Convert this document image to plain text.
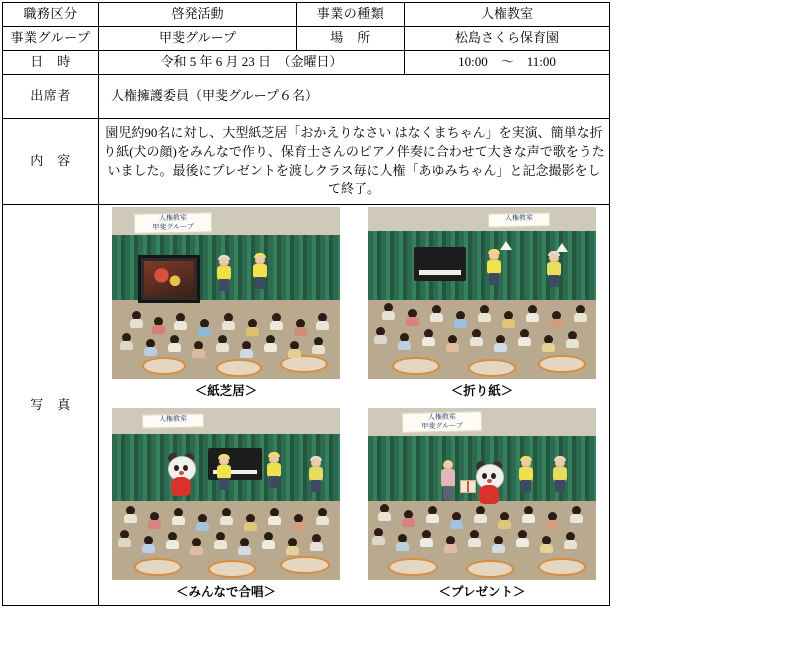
職務区分	啓発活動	事業の種類	人権教室
事業グループ	甲斐グループ	場　所	松島さくら保育園
日　時	令和 5 年 6 月 23 日　（金曜日）		10:00　〜　11:00
出席者	人権擁護委員（甲斐グループ６名）		
内　容	園児約90名に対し、大型紙芝居「おかえりなさい はなくまちゃん」を実演、簡単な折り紙(犬の顔)をみんなで作り、保育士さんのピアノ伴奏に合わせて大きな声で歌をうたいました。最後にプレゼントを渡しクラス毎に人権「あゆみちゃん」と記念撮影をして終了。		
写　真	
人権教室
甲斐グループ
＜紙芝居＞
人権教室
＜折り紙＞
人権教室
＜みんなで合唱＞
人権教室
甲斐グループ
＜プレゼント＞
